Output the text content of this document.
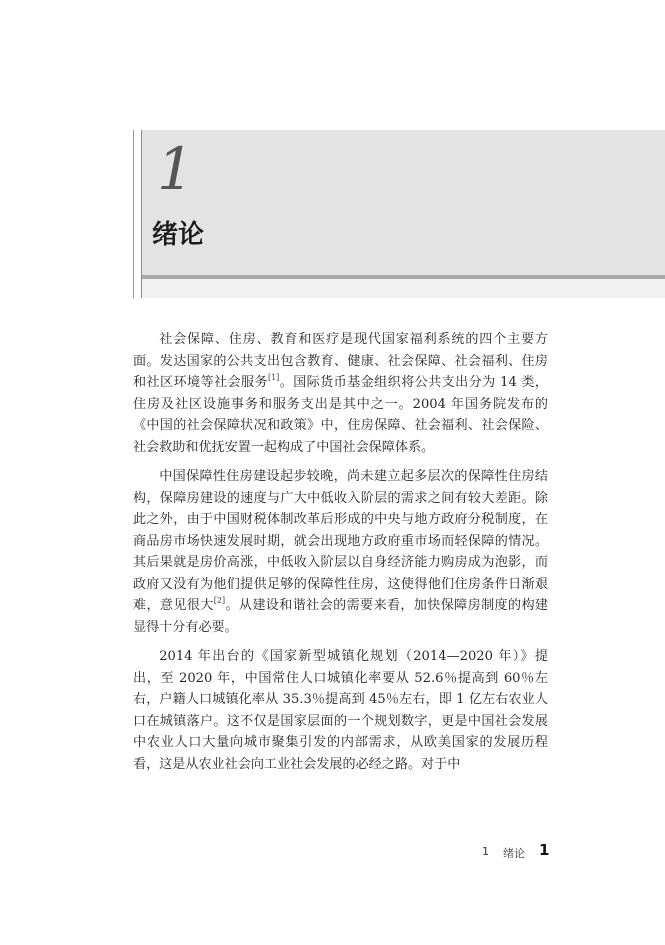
1
绪论

社会保障、住房、教育和医疗是现代国家福利系统的四个主要方面。发达国家的公共支出包含教育、健康、社会保障、社会福利、住房和社区环境等社会服务[1]。国际货币基金组织将公共支出分为 14 类，住房及社区设施事务和服务支出是其中之一。2004 年国务院发布的《中国的社会保障状况和政策》中，住房保障、社会福利、社会保险、社会救助和优抚安置一起构成了中国社会保障体系。

中国保障性住房建设起步较晚，尚未建立起多层次的保障性住房结构，保障房建设的速度与广大中低收入阶层的需求之间有较大差距。除此之外，由于中国财税体制改革后形成的中央与地方政府分税制度，在商品房市场快速发展时期，就会出现地方政府重市场而轻保障的情况。其后果就是房价高涨，中低收入阶层以自身经济能力购房成为泡影，而政府又没有为他们提供足够的保障性住房，这使得他们住房条件日渐艰难，意见很大[2]。从建设和谐社会的需要来看，加快保障房制度的构建显得十分有必要。

2014 年出台的《国家新型城镇化规划（2014—2020 年）》提出，至 2020 年，中国常住人口城镇化率要从 52.6％提高到 60％左右，户籍人口城镇化率从 35.3％提高到 45％左右，即 1 亿左右农业人口在城镇落户。这不仅是国家层面的一个规划数字，更是中国社会发展中农业人口大量向城市聚集引发的内部需求，从欧美国家的发展历程看，这是从农业社会向工业社会发展的必经之路。对于中

1 绪论 1
